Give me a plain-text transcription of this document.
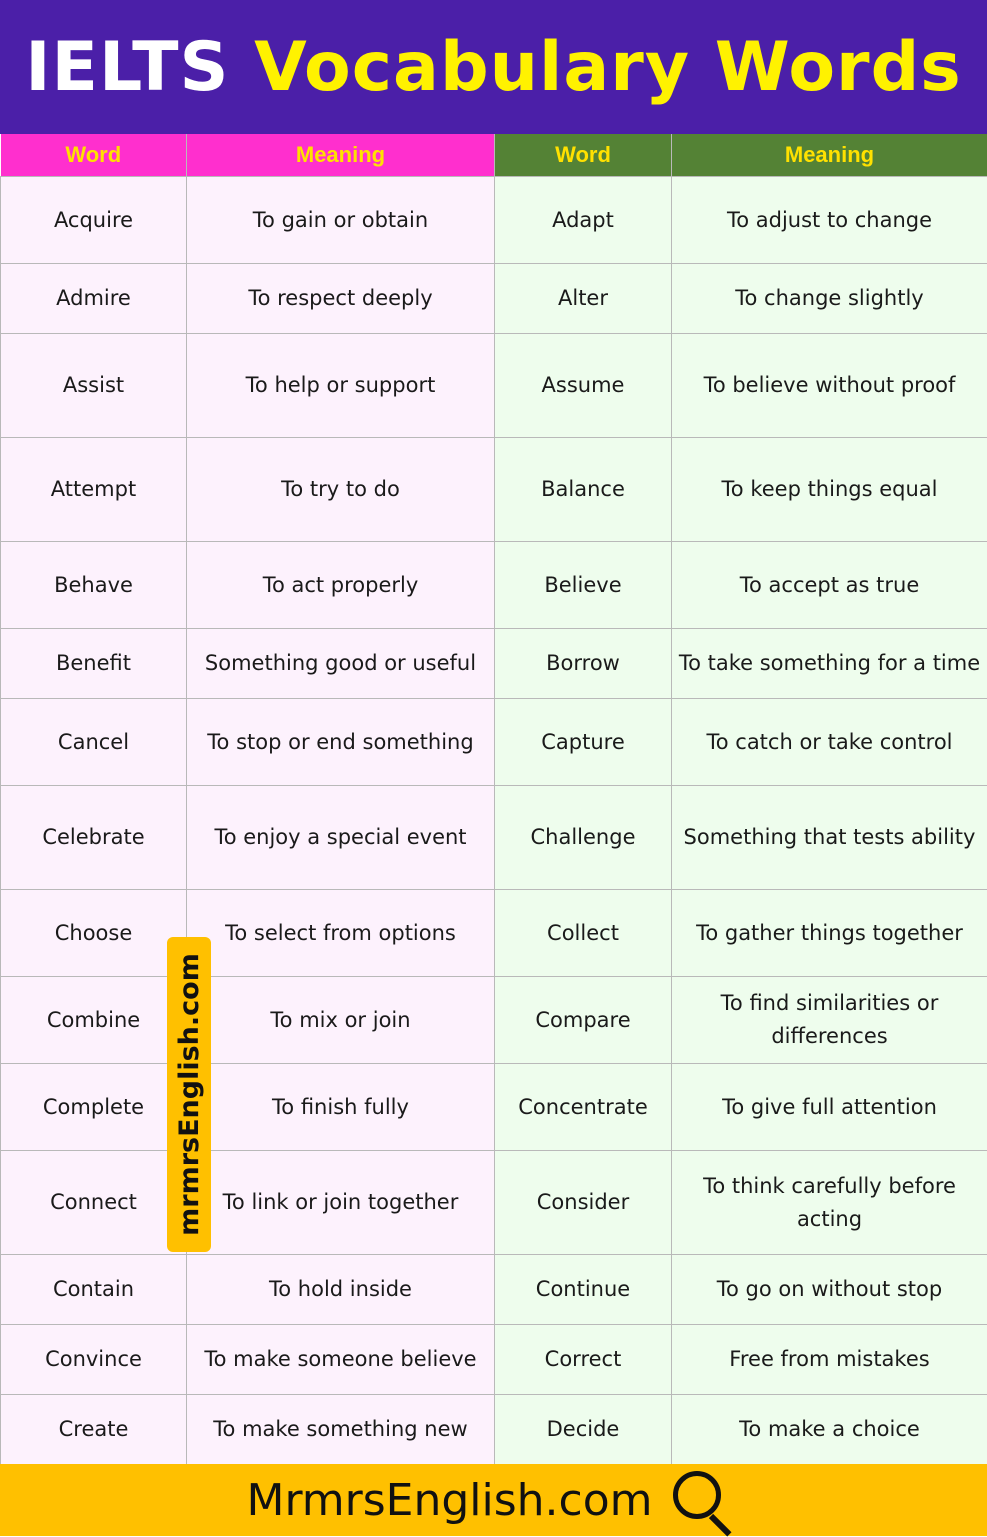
IELTS Vocabulary Words
Word	Meaning	Word	Meaning
Acquire	To gain or obtain	Adapt	To adjust to change
Admire	To respect deeply	Alter	To change slightly
Assist	To help or support	Assume	To believe without proof
Attempt	To try to do	Balance	To keep things equal
Behave	To act properly	Believe	To accept as true
Benefit	Something good or useful	Borrow	To take something for a time
Cancel	To stop or end something	Capture	To catch or take control
Celebrate	To enjoy a special event	Challenge	Something that tests ability
Choose	To select from options	Collect	To gather things together
Combine	To mix or join	Compare	To find similarities or differences
Complete	To finish fully	Concentrate	To give full attention
Connect	To link or join together	Consider	To think carefully before acting
Contain	To hold inside	Continue	To go on without stop
Convince	To make someone believe	Correct	Free from mistakes
Create	To make something new	Decide	To make a choice
mrmrsEnglish.com
MrmrsEnglish.com
